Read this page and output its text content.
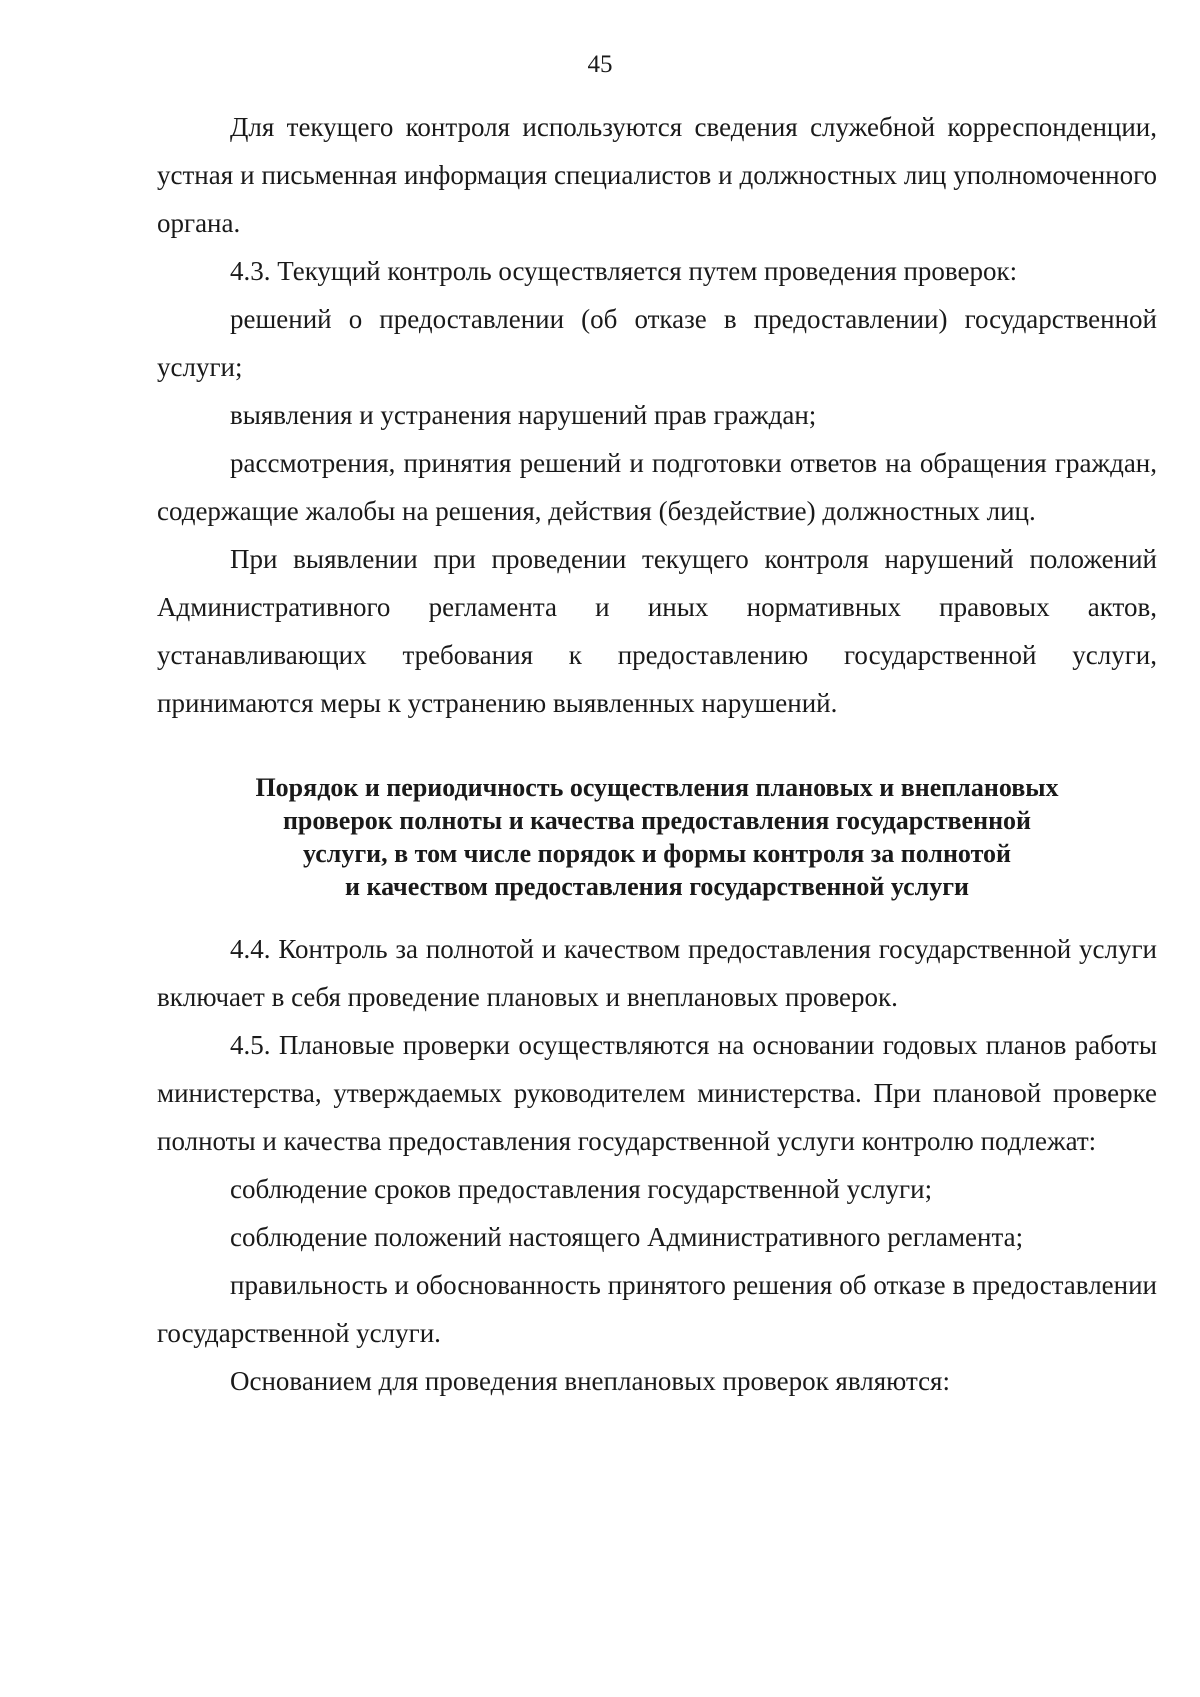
45

Для текущего контроля используются сведения служебной корреспонденции, устная и письменная информация специалистов и должностных лиц уполномоченного органа.

4.3. Текущий контроль осуществляется путем проведения проверок:

решений о предоставлении (об отказе в предоставлении) государственной услуги;

выявления и устранения нарушений прав граждан;

рассмотрения, принятия решений и подготовки ответов на обращения граждан, содержащие жалобы на решения, действия (бездействие) должностных лиц.

При выявлении при проведении текущего контроля нарушений положений Административного регламента и иных нормативных правовых актов, устанавливающих требования к предоставлению государственной услуги, принимаются меры к устранению выявленных нарушений.

Порядок и периодичность осуществления плановых и внеплановых
проверок полноты и качества предоставления государственной
услуги, в том числе порядок и формы контроля за полнотой
и качеством предоставления государственной услуги

4.4. Контроль за полнотой и качеством предоставления государственной услуги включает в себя проведение плановых и внеплановых проверок.

4.5. Плановые проверки осуществляются на основании годовых планов работы министерства, утверждаемых руководителем министерства. При плановой проверке полноты и качества предоставления государственной услуги контролю подлежат:

соблюдение сроков предоставления государственной услуги;

соблюдение положений настоящего Административного регламента;

правильность и обоснованность принятого решения об отказе в предоставлении государственной услуги.

Основанием для проведения внеплановых проверок являются:
